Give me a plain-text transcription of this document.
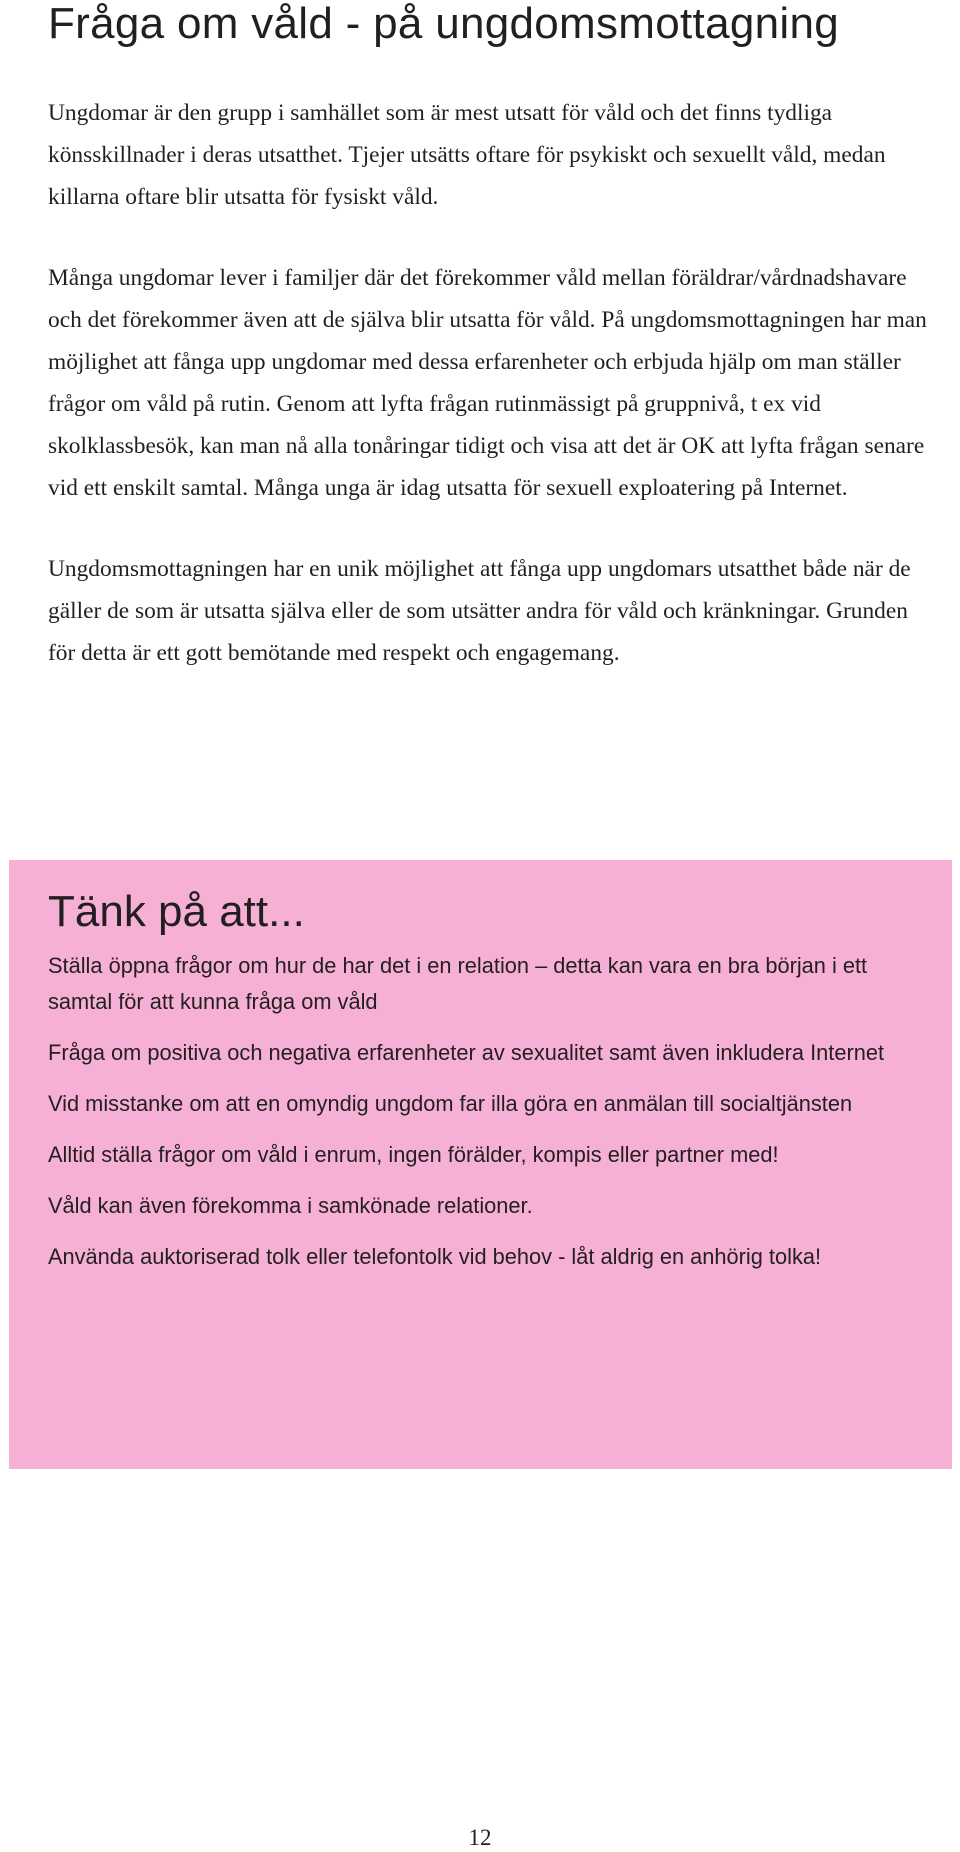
Fråga om våld - på ungdomsmottagning

Ungdomar är den grupp i samhället som är mest utsatt för våld och det finns tydliga könsskillnader i deras utsatthet. Tjejer utsätts oftare för psykiskt och sexuellt våld, medan killarna oftare blir utsatta för fysiskt våld.

Många ungdomar lever i familjer där det förekommer våld mellan föräldrar/vårdnadshavare och det förekommer även att de själva blir utsatta för våld. På ungdomsmottagningen har man möjlighet att fånga upp ungdomar med dessa erfarenheter och erbjuda hjälp om man ställer frågor om våld på rutin. Genom att lyfta frågan rutinmässigt på gruppnivå, t ex vid skolklassbesök, kan man nå alla tonåringar tidigt och visa att det är OK att lyfta frågan senare vid ett enskilt samtal. Många unga är idag utsatta för sexuell exploatering på Internet.

Ungdomsmottagningen har en unik möjlighet att fånga upp ungdomars utsatthet både när de gäller de som är utsatta själva eller de som utsätter andra för våld och kränkningar. Grunden för detta är ett gott bemötande med respekt och engagemang.

Tänk på att...
Ställa öppna frågor om hur de har det i en relation – detta kan vara en bra början i ett samtal för att kunna fråga om våld
Fråga om positiva och negativa erfarenheter av sexualitet samt även inkludera Internet
Vid misstanke om att en omyndig ungdom far illa göra en anmälan till socialtjänsten
Alltid ställa frågor om våld i enrum, ingen förälder, kompis eller partner med!
Våld kan även förekomma i samkönade relationer.
Använda auktoriserad tolk eller telefontolk vid behov - låt aldrig en anhörig tolka!
12
